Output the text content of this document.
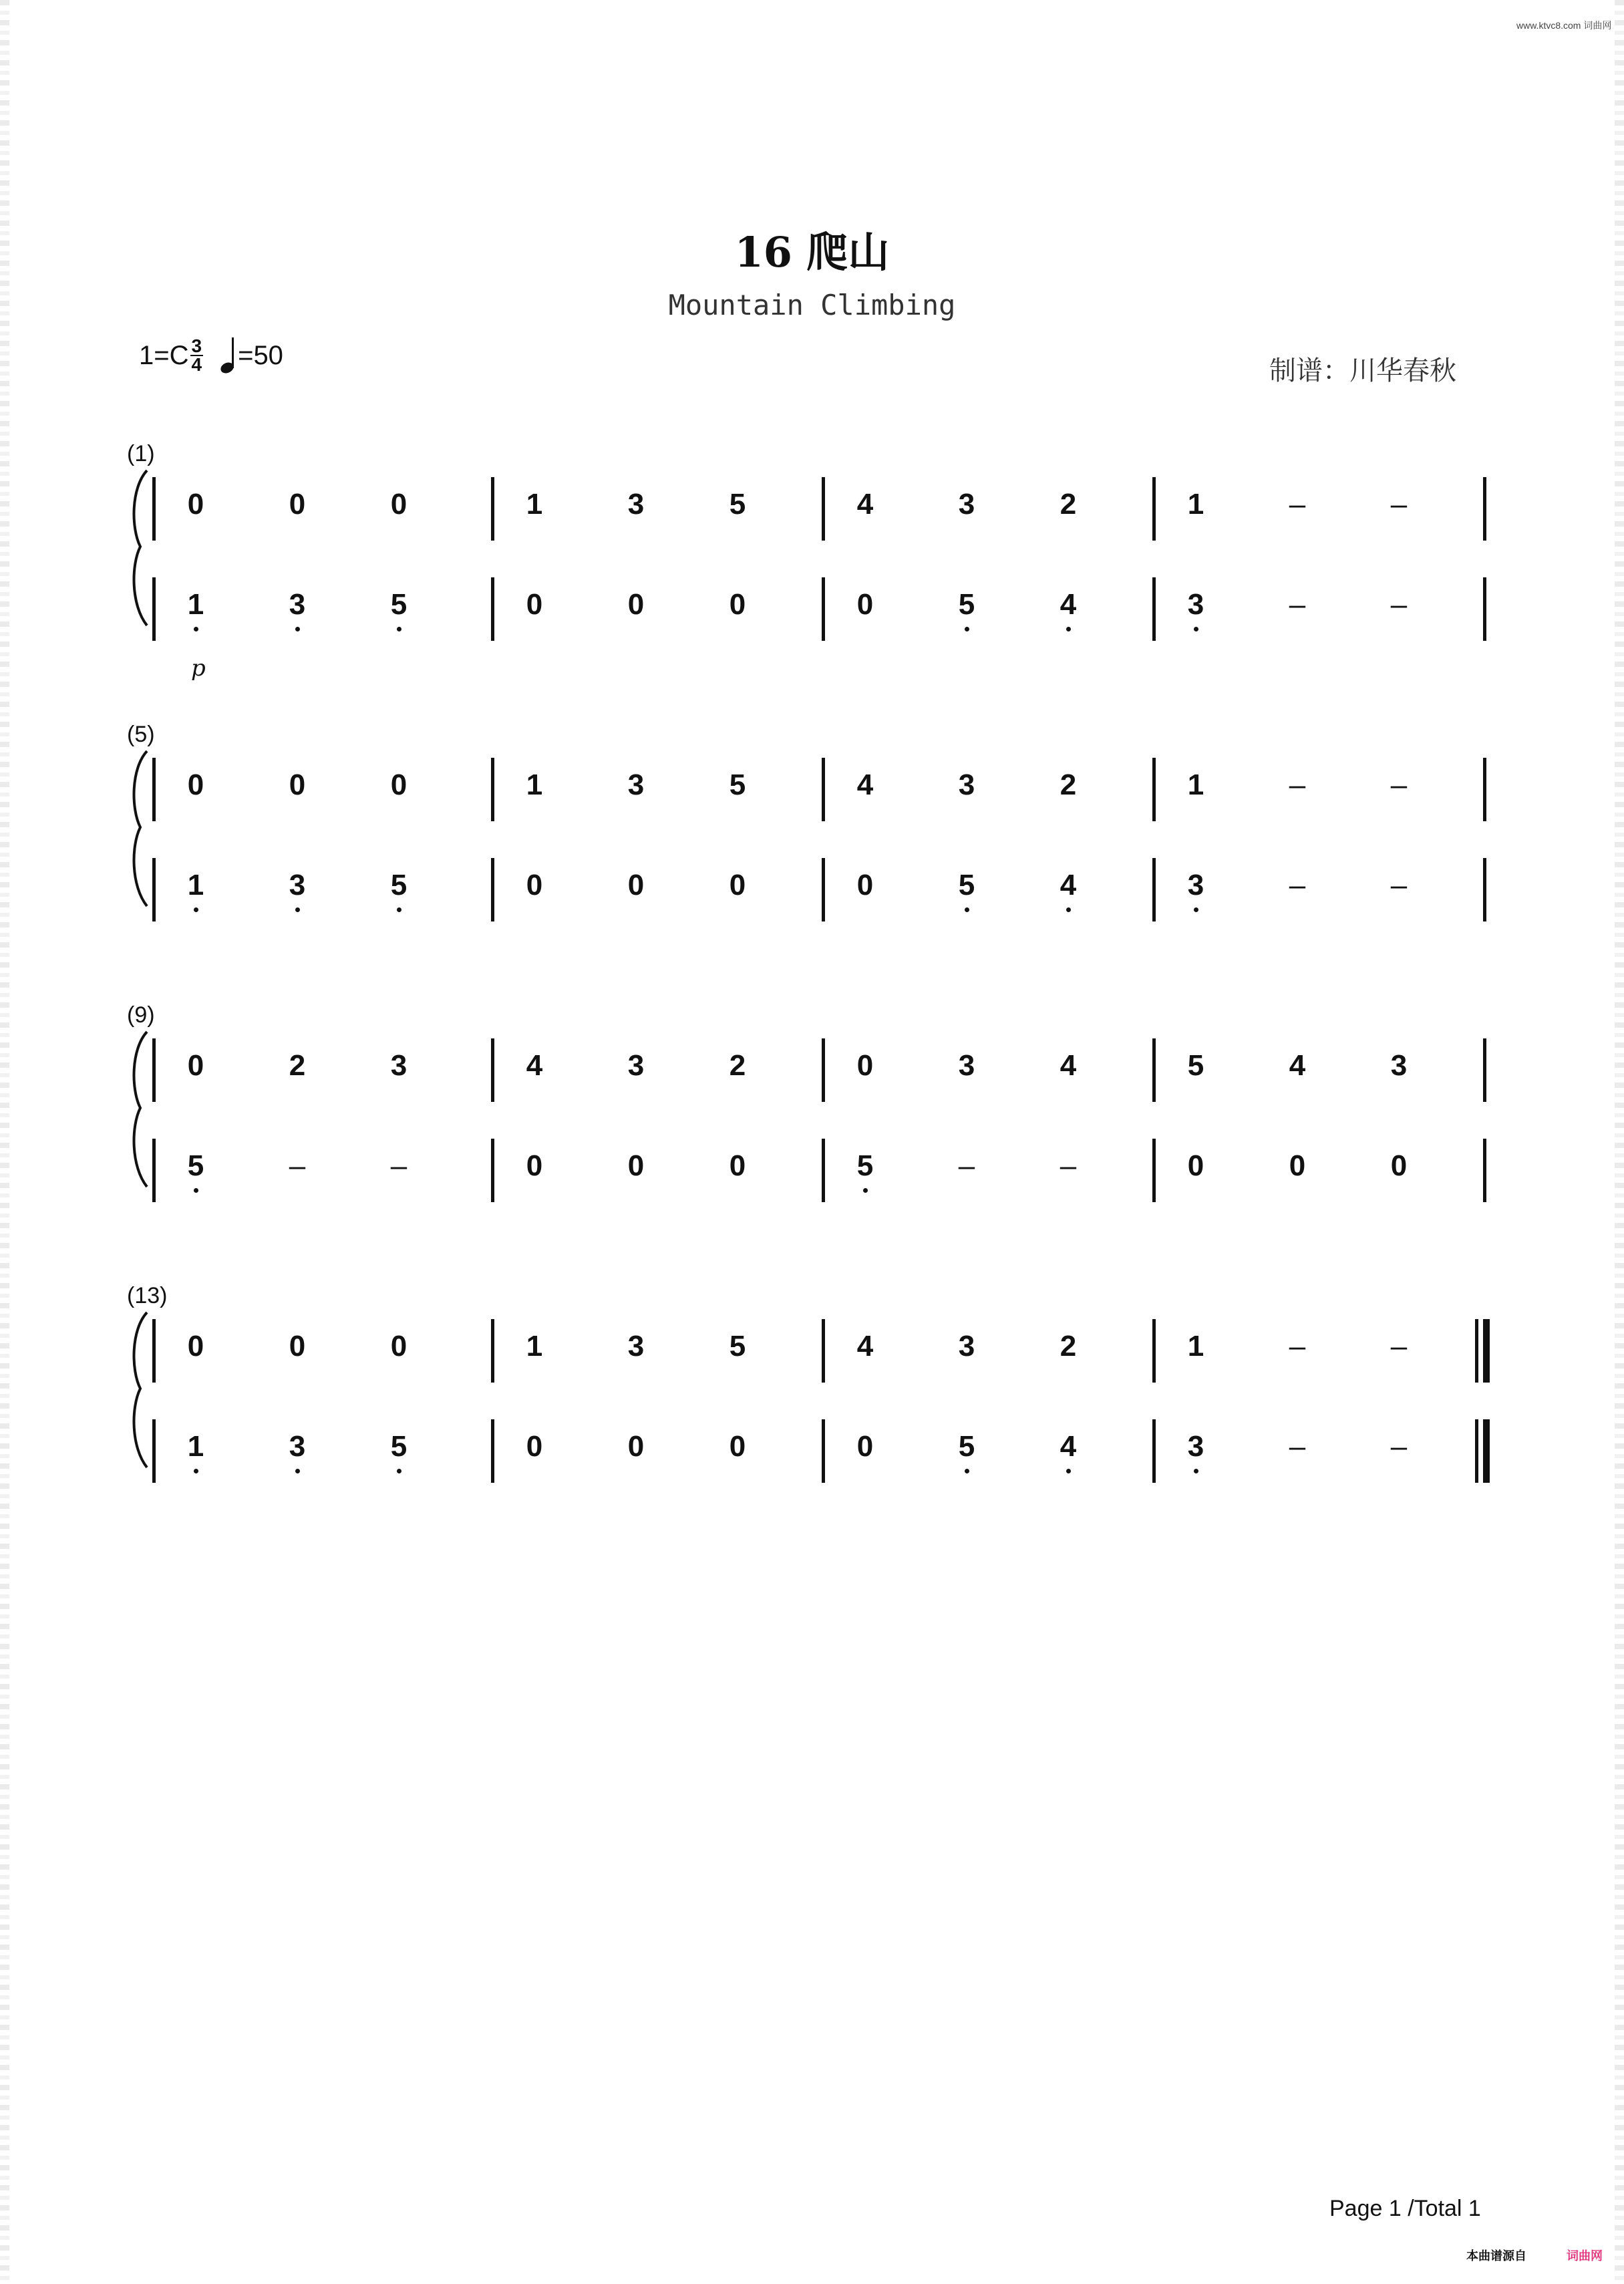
www.ktvc8.com 词曲网
16 爬山
Mountain Climbing
$1=C \frac{3}{4} =50$
制谱：川华春秋
(1)
0	0	0	1	3	5	4	3	2	1	–	–
1	3	5	0	0	0	0	5	4	3	–	–
(5)
0	0	0	1	3	5	4	3	2	1	–	–
1	3	5	0	0	0	0	5	4	3	–	–
(9)
0	2	3	4	3	2	0	3	4	5	4	3
5	–	–	0	0	0	5	–	–	0	0	0
(13)
0	0	0	1	3	5	4	3	2	1	–	–
1	3	5	0	0	0	0	5	4	3	–	–
p
Page 1 /Total 1
本曲谱源自	词曲网
